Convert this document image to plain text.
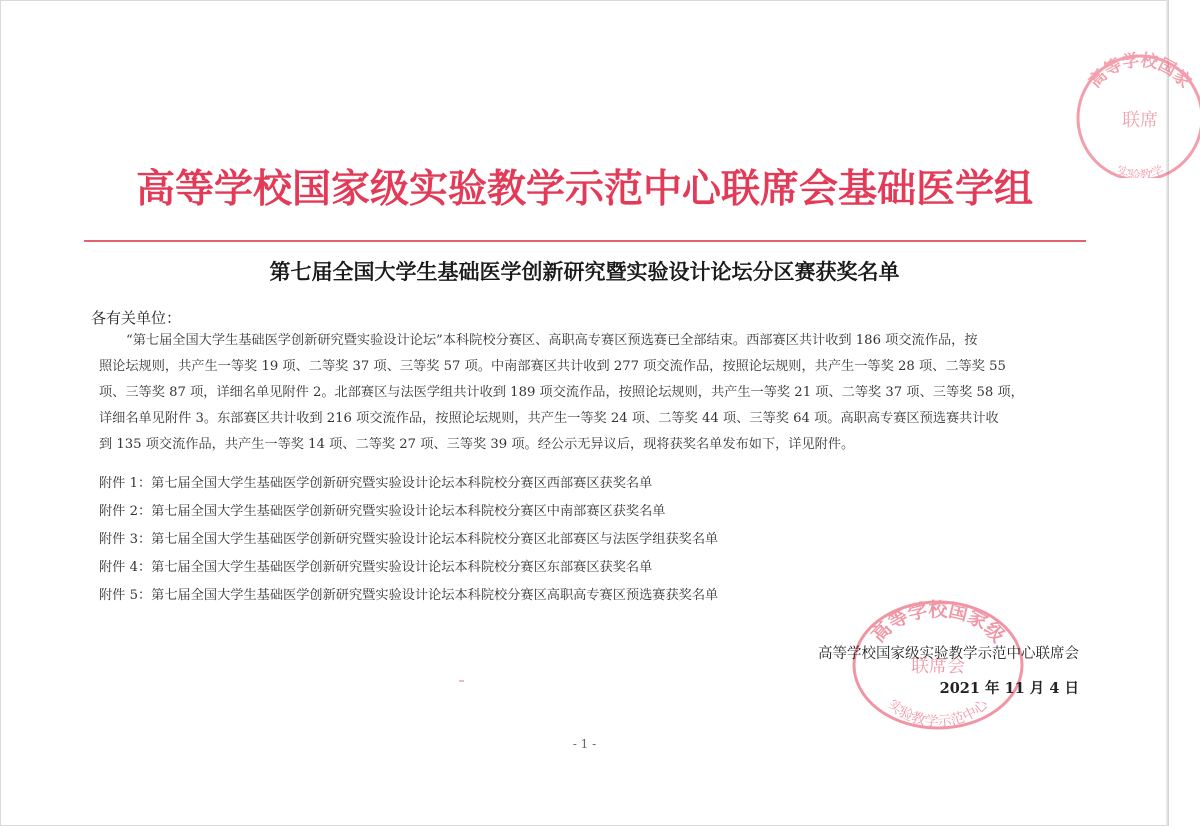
高等学校国家
联席
实验教学
高等学校国家级实验教学示范中心联席会基础医学组
第七届全国大学生基础医学创新研究暨实验设计论坛分区赛获奖名单
各有关单位：
“第七届全国大学生基础医学创新研究暨实验设计论坛”本科院校分赛区、高职高专赛区预选赛已全部结束。西部赛区共计收到 186 项交流作品，按
照论坛规则，共产生一等奖 19 项、二等奖 37 项、三等奖 57 项。中南部赛区共计收到 277 项交流作品，按照论坛规则，共产生一等奖 28 项、二等奖 55
项、三等奖 87 项，详细名单见附件 2。北部赛区与法医学组共计收到 189 项交流作品，按照论坛规则，共产生一等奖 21 项、二等奖 37 项、三等奖 58 项，
详细名单见附件 3。东部赛区共计收到 216 项交流作品，按照论坛规则，共产生一等奖 24 项、二等奖 44 项、三等奖 64 项。高职高专赛区预选赛共计收
到 135 项交流作品，共产生一等奖 14 项、二等奖 27 项、三等奖 39 项。经公示无异议后，现将获奖名单发布如下，详见附件。
附件 1：第七届全国大学生基础医学创新研究暨实验设计论坛本科院校分赛区西部赛区获奖名单
附件 2：第七届全国大学生基础医学创新研究暨实验设计论坛本科院校分赛区中南部赛区获奖名单
附件 3：第七届全国大学生基础医学创新研究暨实验设计论坛本科院校分赛区北部赛区与法医学组获奖名单
附件 4：第七届全国大学生基础医学创新研究暨实验设计论坛本科院校分赛区东部赛区获奖名单
附件 5：第七届全国大学生基础医学创新研究暨实验设计论坛本科院校分赛区高职高专赛区预选赛获奖名单
高等学校国家级
联席会
实验教学示范中心
高等学校国家级实验教学示范中心联席会
2021 年 11 月 4 日
- 1 -
